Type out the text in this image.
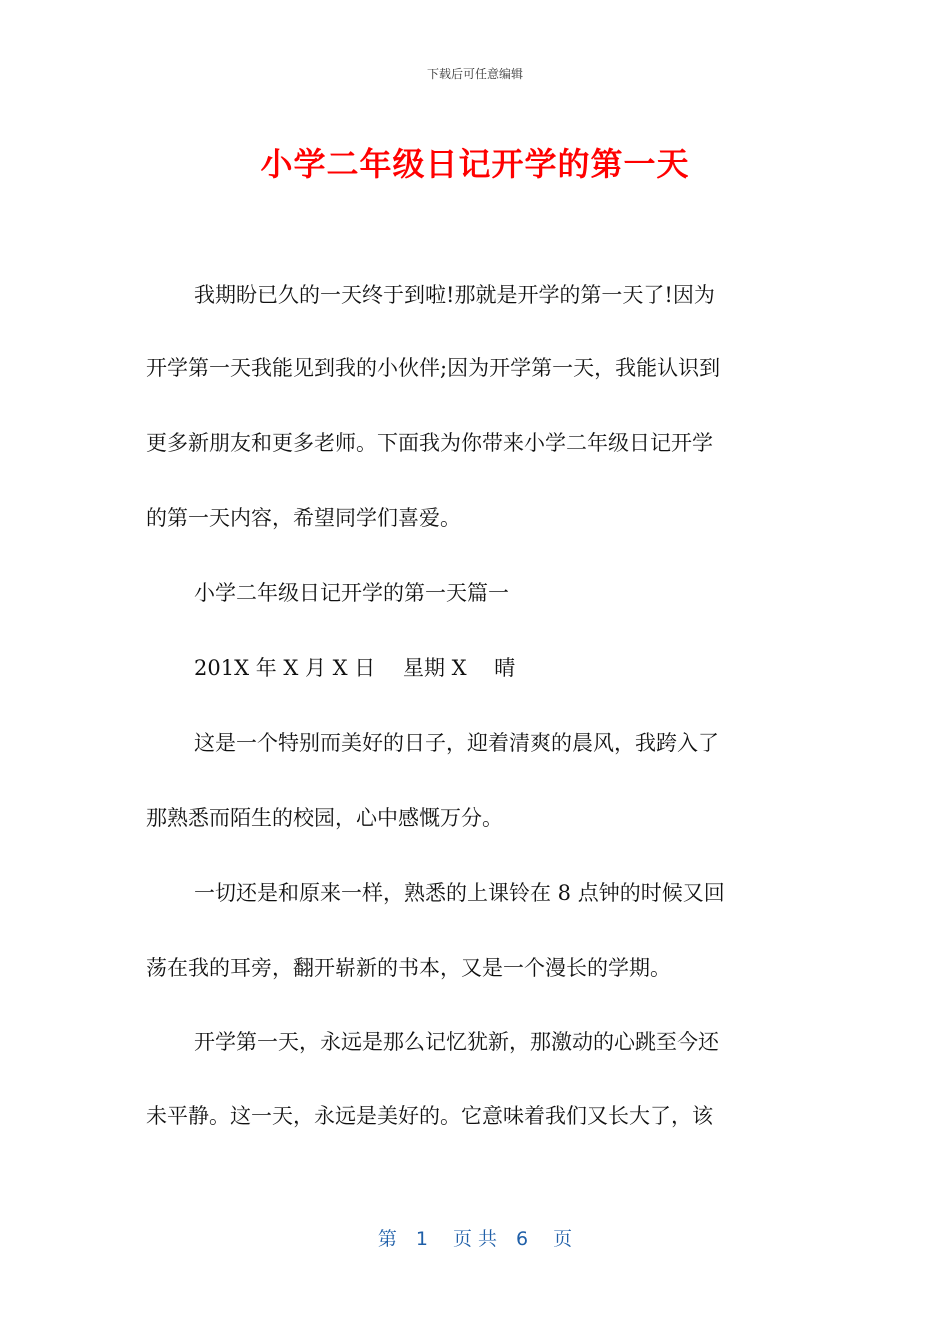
下载后可任意编辑
小学二年级日记开学的第一天
我期盼已久的一天终于到啦!那就是开学的第一天了!因为
开学第一天我能见到我的小伙伴;因为开学第一天，我能认识到
更多新朋友和更多老师。下面我为你带来小学二年级日记开学
的第一天内容，希望同学们喜爱。
小学二年级日记开学的第一天篇一
201X 年 X 月 X 日　 星期 X　 晴
这是一个特别而美好的日子，迎着清爽的晨风，我跨入了
那熟悉而陌生的校园，心中感慨万分。
一切还是和原来一样，熟悉的上课铃在 8 点钟的时候又回
荡在我的耳旁，翻开崭新的书本，又是一个漫长的学期。
开学第一天，永远是那么记忆犹新，那激动的心跳至今还
未平静。这一天，永远是美好的。它意味着我们又长大了，该
第　1　 页 共　6　 页
